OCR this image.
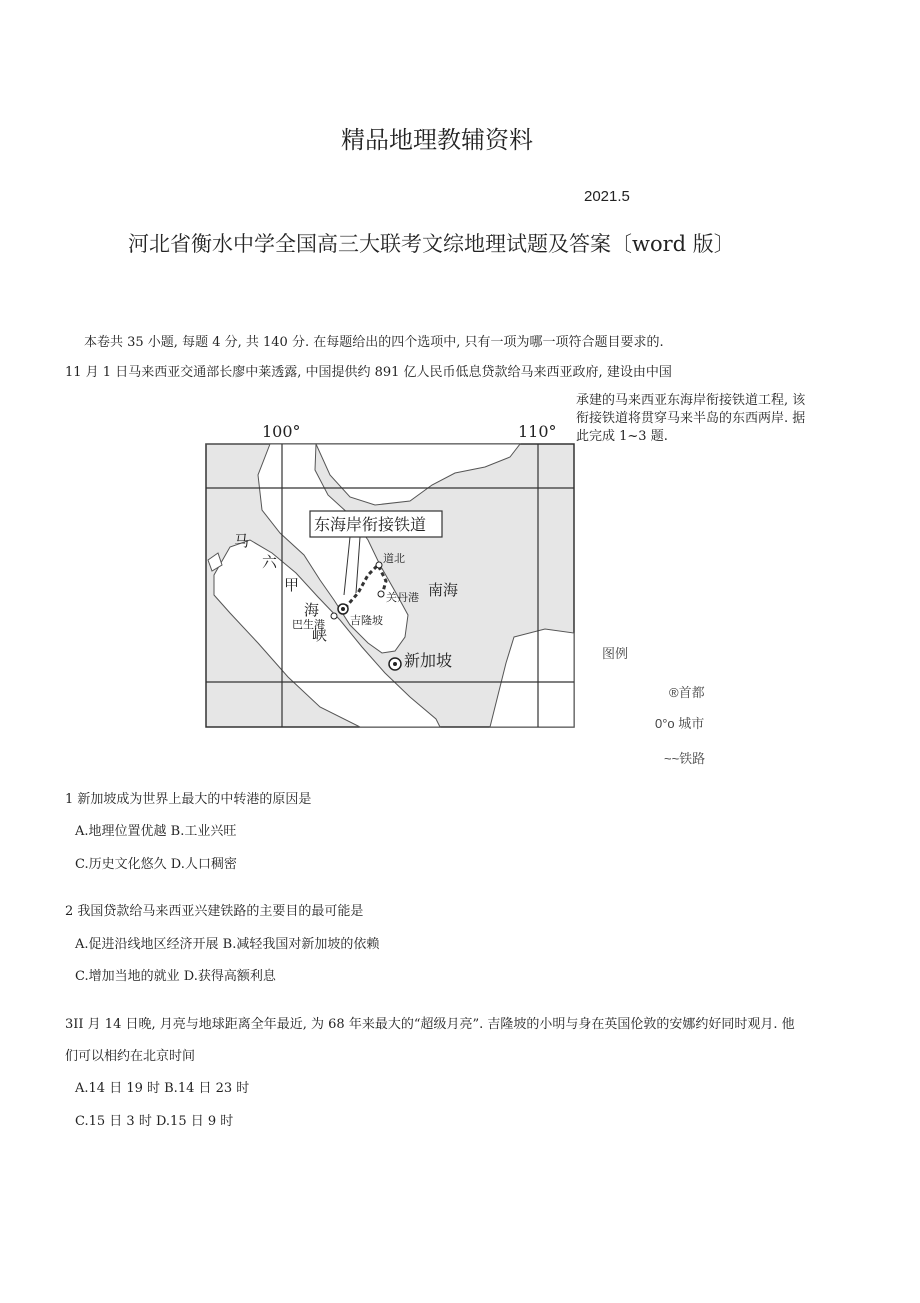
精品地理教辅资料
2021.5
河北省衡水中学全国高三大联考文综地理试题及答案〔word 版〕
本卷共 35 小题, 每题 4 分, 共 140 分. 在每题给出的四个选项中, 只有一项为哪一项符合题目要求的.
11 月 1 日马来西亚交通部长廖中莱透露, 中国提供约 891 亿人民币低息贷款给马来西亚政府, 建设由中国
承建的马来西亚东海岸衔接铁道工程, 该
衔接铁道将贯穿马来半岛的东西两岸. 据
此完成 1~3 题.
100°	110°
东海岸衔接铁道
道北
关丹港
吉隆坡
巴生港
新加坡
南海
马
六
甲
海
峡
图例
®首都
0°o 城市
~~铁路
1 新加坡成为世界上最大的中转港的原因是
A.地理位置优越 B.工业兴旺
C.历史文化悠久 D.人口稠密
2 我国贷款给马来西亚兴建铁路的主要目的最可能是
A.促进沿线地区经济开展 B.减轻我国对新加坡的依赖
C.增加当地的就业 D.获得高额利息
3II 月 14 日晚, 月亮与地球距离全年最近, 为 68 年来最大的“超级月亮”. 吉隆坡的小明与身在英国伦敦的安娜约好同时观月. 他
们可以相约在北京时间
A.14 日 19 时 B.14 日 23 时
C.15 日 3 时 D.15 日 9 时
